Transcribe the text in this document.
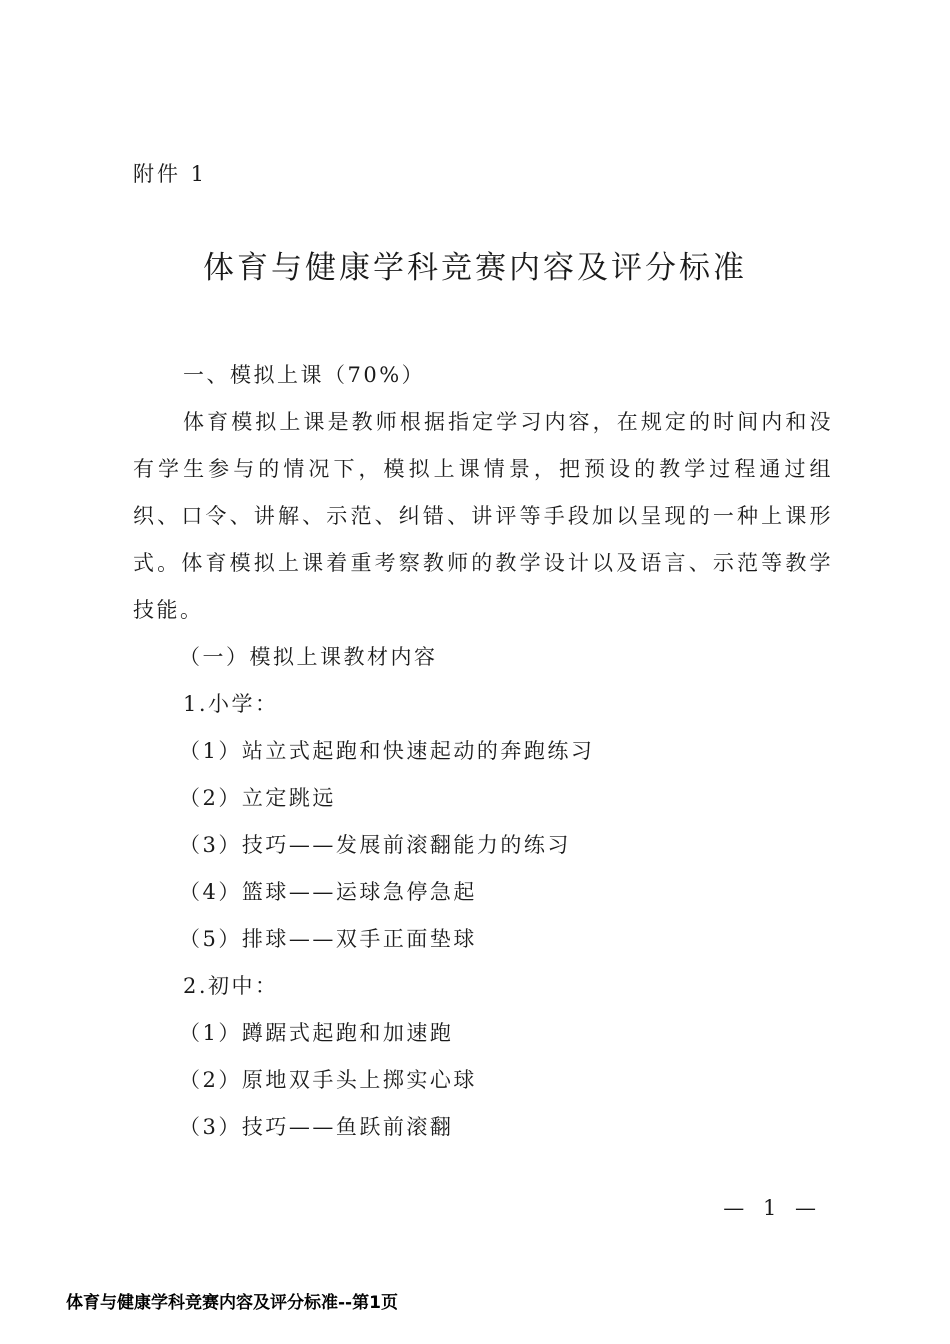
附件 1
体育与健康学科竞赛内容及评分标准

一、模拟上课（70%）

体育模拟上课是教师根据指定学习内容，在规定的时间内和没有学生参与的情况下，模拟上课情景，把预设的教学过程通过组织、口令、讲解、示范、纠错、讲评等手段加以呈现的一种上课形式。体育模拟上课着重考察教师的教学设计以及语言、示范等教学技能。

（一）模拟上课教材内容

1.小学：

（1）站立式起跑和快速起动的奔跑练习

（2）立定跳远

（3）技巧——发展前滚翻能力的练习

（4）篮球——运球急停急起

（5）排球——双手正面垫球

2.初中：

（1）蹲踞式起跑和加速跑

（2）原地双手头上掷实心球

（3）技巧——鱼跃前滚翻

— 1 —
体育与健康学科竞赛内容及评分标准--第1页
